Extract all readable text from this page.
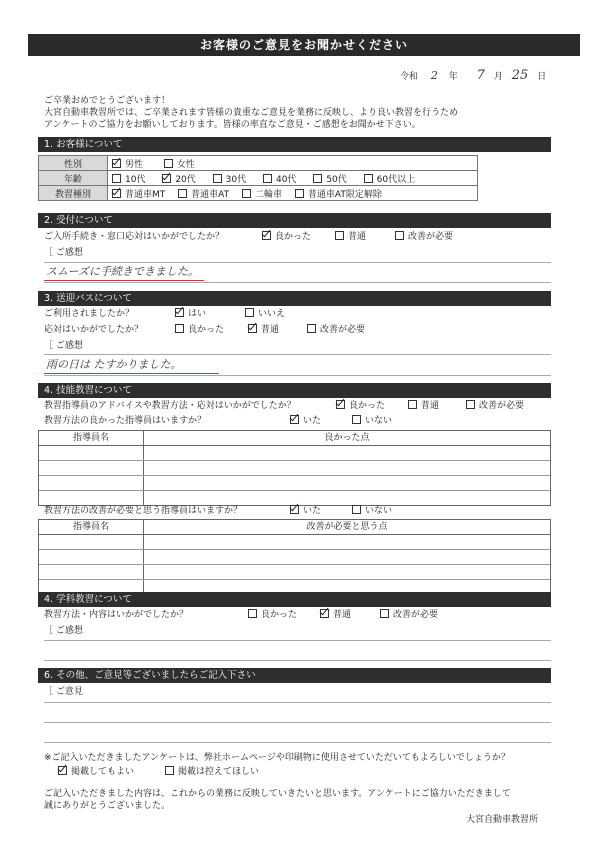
お客様のご意見をお聞かせください
令和 2 年 7 月 25 日
ご卒業おめでとうございます！
大宮自動車教習所では、ご卒業されます皆様の貴重なご意見を業務に反映し、より良い教習を行うため
アンケートのご協力をお願いしております。皆様の率直なご意見・ご感想をお聞かせ下さい。
1. お客様について
性別	男性 女性
年齢	10代 20代 30代 40代 50代 60代以上
教習種別	普通車MT 普通車AT 二輪車 普通車AT限定解除
2. 受付について
ご入所手続き・窓口応対はいかがでしたか？	良かった	普通	改善が必要
［ ご感想
スムーズに手続きできました。
3. 送迎バスについて
ご利用されましたか？	はい	いいえ
応対はいかがでしたか？	良かった	普通	改善が必要
［ ご感想
雨の日は たすかりました。
4. 技能教習について
教習指導員のアドバイスや教習方法・応対はいかがでしたか？	良かった	普通	改善が必要
教習方法の良かった指導員はいますか？	いた	いない
指導員名	良かった点
教習方法の改善が必要と思う指導員はいますか？	いた	いない
指導員名	改善が必要と思う点
4. 学科教習について
教習方法・内容はいかがでしたか？	良かった	普通	改善が必要
［ ご感想
6. その他、ご意見等ございましたらご記入下さい
［ ご意見
※ご記入いただきましたアンケートは、弊社ホームページや印刷物に使用させていただいてもよろしいでしょうか？
掲載してもよい	掲載は控えてほしい
ご記入いただきました内容は、これからの業務に反映していきたいと思います。アンケートにご協力いただきまして
誠にありがとうございました。
大宮自動車教習所
